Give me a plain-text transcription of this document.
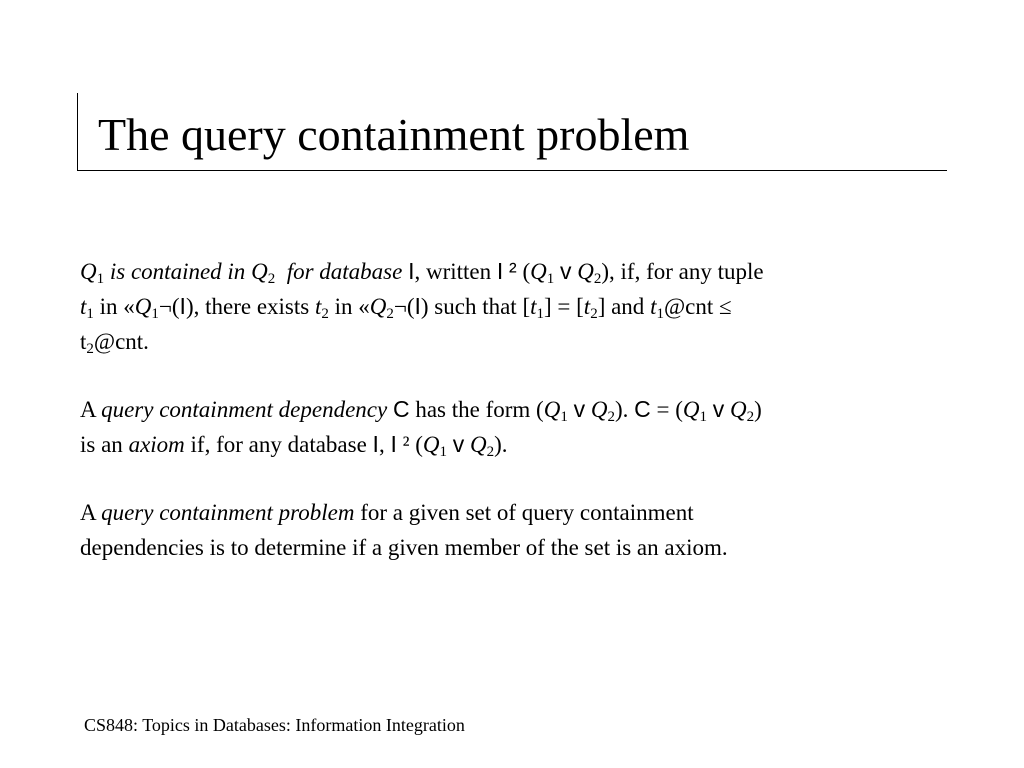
The query containment problem
$Q_1$ is contained in $Q_2$ for database I, written I ² ($Q_1$ v $Q_2$), if, for any tuple
$t_1$ in «$Q_1\neg(I)$, there exists $t_2$ in «$Q_2\neg(I)$ such that $[t_1] = [t_2]$ and $t_1@cnt$ ≤
$t_2@cnt$.
A query containment dependency C has the form ($Q_1$ v $Q_2$). $C = (Q_1$ v $Q_2$)
is an axiom if, for any database I, I ² ($Q_1$ v $Q_2$).
A query containment problem for a given set of query containment
dependencies is to determine if a given member of the set is an axiom.
CS848: Topics in Databases: Information Integration
